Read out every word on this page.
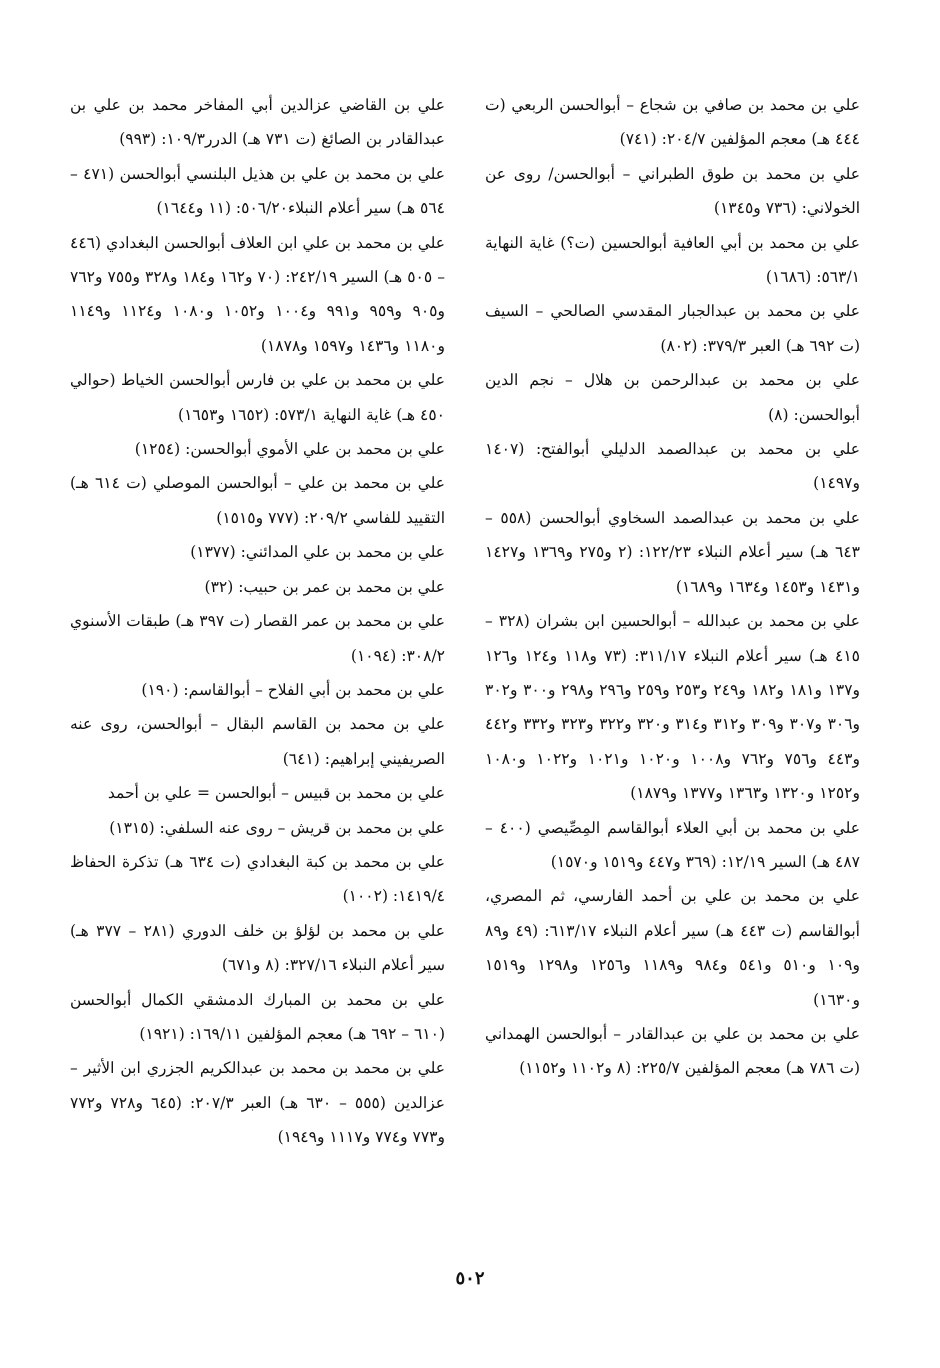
علي بن محمد بن صافي بن شجاع – أبوالحسن الربعي (ت ٤٤٤ هـ) معجم المؤلفين ٢٠٤/٧: (٧٤١)

علي بن محمد بن طوق الطبراني – أبوالحسن/ روى عن الخولاني: (٧٣٦ و١٣٤٥)

علي بن محمد بن أبي العافية أبوالحسين (ت؟) غاية النهاية ٥٦٣/١: (١٦٨٦)

علي بن محمد بن عبدالجبار المقدسي الصالحي – السيف (ت ٦٩٢ هـ) العبر ٣٧٩/٣: (٨٠٢)

علي بن محمد بن عبدالرحمن بن هلال – نجم الدين أبوالحسن: (٨)

علي بن محمد بن عبدالصمد الدليلي أبوالفتح: (١٤٠٧ و١٤٩٧)

علي بن محمد بن عبدالصمد السخاوي أبوالحسن (٥٥٨ – ٦٤٣ هـ) سير أعلام النبلاء ١٢٢/٢٣: (٢ و٢٧٥ و١٣٦٩ و١٤٢٧ و١٤٣١ و١٤٥٣ و١٦٣٤ و١٦٨٩)

علي بن محمد بن عبدالله – أبوالحسين ابن بشران (٣٢٨ – ٤١٥ هـ) سير أعلام النبلاء ٣١١/١٧: (٧٣ و١١٨ و١٢٤ و١٢٦ و١٣٧ و١٨١ و١٨٢ و٢٤٩ و٢٥٣ و٢٥٩ و٢٩٦ و٢٩٨ و٣٠٠ و٣٠٢ و٣٠٦ و٣٠٧ و٣٠٩ و٣١٢ و٣١٤ و٣٢٠ و٣٢٢ و٣٢٣ و٣٣٢ و٤٤٢ و٤٤٣ و٧٥٦ و٧٦٢ و١٠٠٨ و١٠٢٠ و١٠٢١ و١٠٢٢ و١٠٨٠ و١٢٥٢ و١٣٢٠ و١٣٦٣ و١٣٧٧ و١٨٧٩)

علي بن محمد بن أبي العلاء أبوالقاسم المِصِّيصي (٤٠٠ – ٤٨٧ هـ) السير ١٢/١٩: (٣٦٩ و٤٤٧ و١٥١٩ و١٥٧٠)

علي بن محمد بن علي بن أحمد الفارسي، ثم المصري، أبوالقاسم (ت ٤٤٣ هـ) سير أعلام النبلاء ٦١٣/١٧: (٤٩ و٨٩ و١٠٩ و٥١٠ و٥٤١ و٩٨٤ و١١٨٩ و١٢٥٦ و١٢٩٨ و١٥١٩ و١٦٣٠)

علي بن محمد بن علي بن عبدالقادر – أبوالحسن الهمداني (ت ٧٨٦ هـ) معجم المؤلفين ٢٢٥/٧: (٨ و١١٠٢ و١١٥٢)

علي بن القاضي عزالدين أبي المفاخر محمد بن علي بن عبدالقادر بن الصائغ (ت ٧٣١ هـ) الدرر١٠٩/٣: (٩٩٣)

علي بن محمد بن علي بن هذيل البلنسي أبوالحسن (٤٧١ – ٥٦٤ هـ) سير أعلام النبلاء٥٠٦/٢٠: (١١ و١٦٤٤)

علي بن محمد بن علي ابن العلاف أبوالحسن البغدادي (٤٤٦ – ٥٠٥ هـ) السير ٢٤٢/١٩: (٧٠ و١٦٢ و١٨٤ و٣٢٨ و٧٥٥ و٧٦٢ و٩٠٥ و٩٥٩ و٩٩١ و١٠٠٤ و١٠٥٢ و١٠٨٠ و١١٢٤ و١١٤٩ و١١٨٠ و١٤٣٦ و١٥٩٧ و١٨٧٨)

علي بن محمد بن علي بن فارس أبوالحسن الخياط (حوالي ٤٥٠ هـ) غاية النهاية ٥٧٣/١: (١٦٥٢ و١٦٥٣)

علي بن محمد بن علي الأموي أبوالحسن: (١٢٥٤)

علي بن محمد بن علي – أبوالحسن الموصلي (ت ٦١٤ هـ) التقييد للفاسي ٢٠٩/٢: (٧٧٧ و١٥١٥)

علي بن محمد بن علي المدائني: (١٣٧٧)

علي بن محمد بن عمر بن حبيب: (٣٢)

علي بن محمد بن عمر القصار (ت ٣٩٧ هـ) طبقات الأسنوي ٣٠٨/٢: (١٠٩٤)

علي بن محمد بن أبي الفلاح – أبوالقاسم: (١٩٠)

علي بن محمد بن القاسم البقال – أبوالحسن، روى عنه الصريفيني إبراهيم: (٦٤١)

علي بن محمد بن قبيس – أبوالحسن = علي بن أحمد

علي بن محمد بن قريش – روى عنه السلفي: (١٣١٥)

علي بن محمد بن كبة البغدادي (ت ٦٣٤ هـ) تذكرة الحفاظ ١٤١٩/٤: (١٠٠٢)

علي بن محمد بن لؤلؤ بن خلف الدوري (٢٨١ – ٣٧٧ هـ) سير أعلام النبلاء ٣٢٧/١٦: (٨ و٦٧١)

علي بن محمد بن المبارك الدمشقي الكمال أبوالحسن (٦١٠ – ٦٩٢ هـ) معجم المؤلفين ١٦٩/١١: (١٩٢١)

علي بن محمد بن محمد بن عبدالكريم الجزري ابن الأثير – عزالدين (٥٥٥ – ٦٣٠ هـ) العبر ٢٠٧/٣: (٦٤٥ و٧٢٨ و٧٧٢ و٧٧٣ و٧٧٤ و١١١٧ و١٩٤٩)

٥٠٢
